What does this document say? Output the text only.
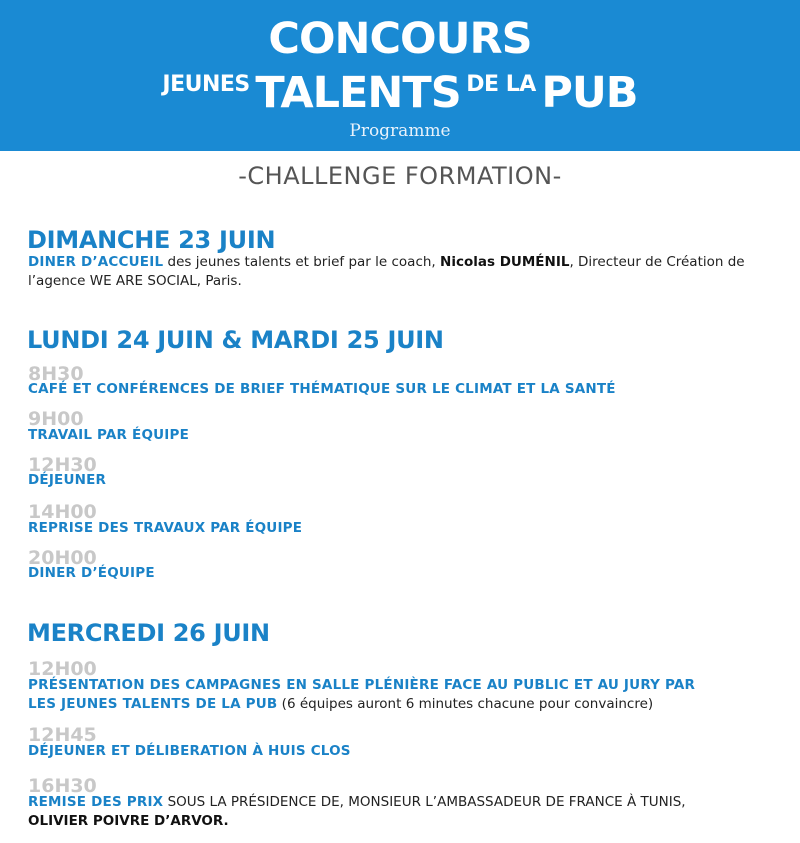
CONCOURS
JEUNES TALENTS DE LA PUB
Programme
-CHALLENGE FORMATION-
DIMANCHE 23 JUIN
DINER D’ACCUEIL des jeunes talents et brief par le coach, Nicolas DUMÉNIL, Directeur de Création de l’agence WE ARE SOCIAL, Paris.
LUNDI 24 JUIN & MARDI 25 JUIN
8H30
CAFÉ ET CONFÉRENCES DE BRIEF THÉMATIQUE SUR LE CLIMAT ET LA SANTÉ
9H00
TRAVAIL PAR ÉQUIPE
12H30
DÉJEUNER
14H00
REPRISE DES TRAVAUX PAR ÉQUIPE
20H00
DINER D’ÉQUIPE
MERCREDI 26 JUIN
12H00
PRÉSENTATION DES CAMPAGNES EN SALLE PLÉNIÈRE FACE AU PUBLIC ET AU JURY PAR
LES JEUNES TALENTS DE LA PUB (6 équipes auront 6 minutes chacune pour convaincre)
12H45
DÉJEUNER ET DÉLIBERATION À HUIS CLOS
16H30
REMISE DES PRIX SOUS LA PRÉSIDENCE DE, MONSIEUR L’AMBASSADEUR DE FRANCE À TUNIS,
OLIVIER POIVRE D’ARVOR.
